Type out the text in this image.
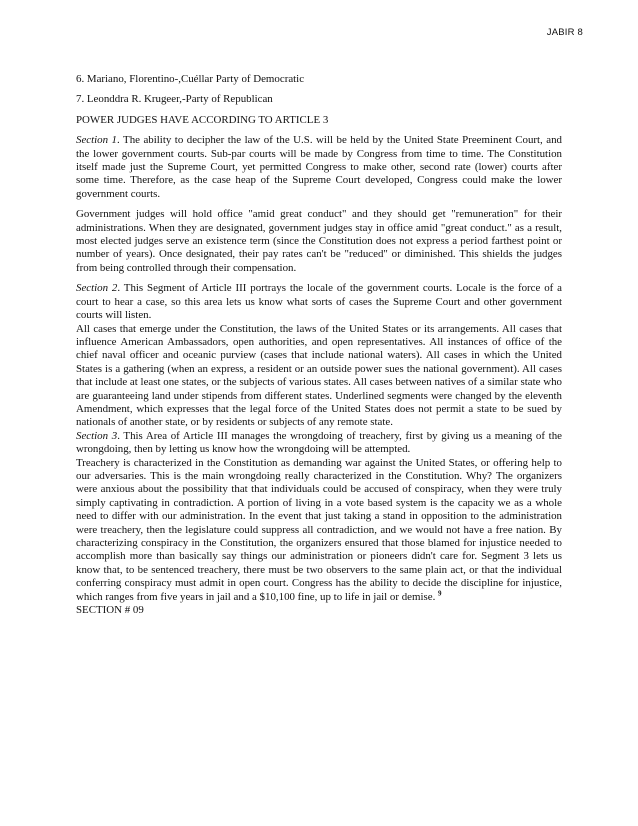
JABIR 8

6. Mariano, Florentino-,Cuéllar Party of Democratic

7. Leonddra R. Krugeer,-Party of Republican

POWER JUDGES HAVE ACCORDING TO ARTICLE 3

Section 1. The ability to decipher the law of the U.S. will be held by the United State Preeminent Court, and the lower government courts. Sub-par courts will be made by Congress from time to time. The Constitution itself made just the Supreme Court, yet permitted Congress to make other, second rate (lower) courts after some time. Therefore, as the case heap of the Supreme Court developed, Congress could make the lower government courts.

Government judges will hold office "amid great conduct" and they should get "remuneration" for their administrations. When they are designated, government judges stay in office amid "great conduct." as a result, most elected judges serve an existence term (since the Constitution does not express a period farthest point or number of years). Once designated, their pay rates can't be "reduced" or diminished. This shields the judges from being controlled through their compensation.

Section 2. This Segment of Article III portrays the locale of the government courts. Locale is the force of a court to hear a case, so this area lets us know what sorts of cases the Supreme Court and other government courts will listen.

All cases that emerge under the Constitution, the laws of the United States or its arrangements. All cases that influence American Ambassadors, open authorities, and open representatives. All instances of office of the chief naval officer and oceanic purview (cases that include national waters). All cases in which the United States is a gathering (when an express, a resident or an outside power sues the national government). All cases that include at least one states, or the subjects of various states. All cases between natives of a similar state who are guaranteeing land under stipends from different states. Underlined segments were changed by the eleventh Amendment, which expresses that the legal force of the United States does not permit a state to be sued by nationals of another state, or by residents or subjects of any remote state.

Section 3. This Area of Article III manages the wrongdoing of treachery, first by giving us a meaning of the wrongdoing, then by letting us know how the wrongdoing will be attempted.

Treachery is characterized in the Constitution as demanding war against the United States, or offering help to our adversaries. This is the main wrongdoing really characterized in the Constitution. Why? The organizers were anxious about the possibility that that individuals could be accused of conspiracy, when they were truly simply captivating in contradiction. A portion of living in a vote based system is the capacity we as a whole need to differ with our administration. In the event that just taking a stand in opposition to the administration were treachery, then the legislature could suppress all contradiction, and we would not have a free nation. By characterizing conspiracy in the Constitution, the organizers ensured that those blamed for injustice needed to accomplish more than basically say things our administration or pioneers didn't care for. Segment 3 lets us know that, to be sentenced treachery, there must be two observers to the same plain act, or that the individual conferring conspiracy must admit in open court. Congress has the ability to decide the discipline for injustice, which ranges from five years in jail and a $10,100 fine, up to life in jail or demise. $^9$

SECTION # 09
